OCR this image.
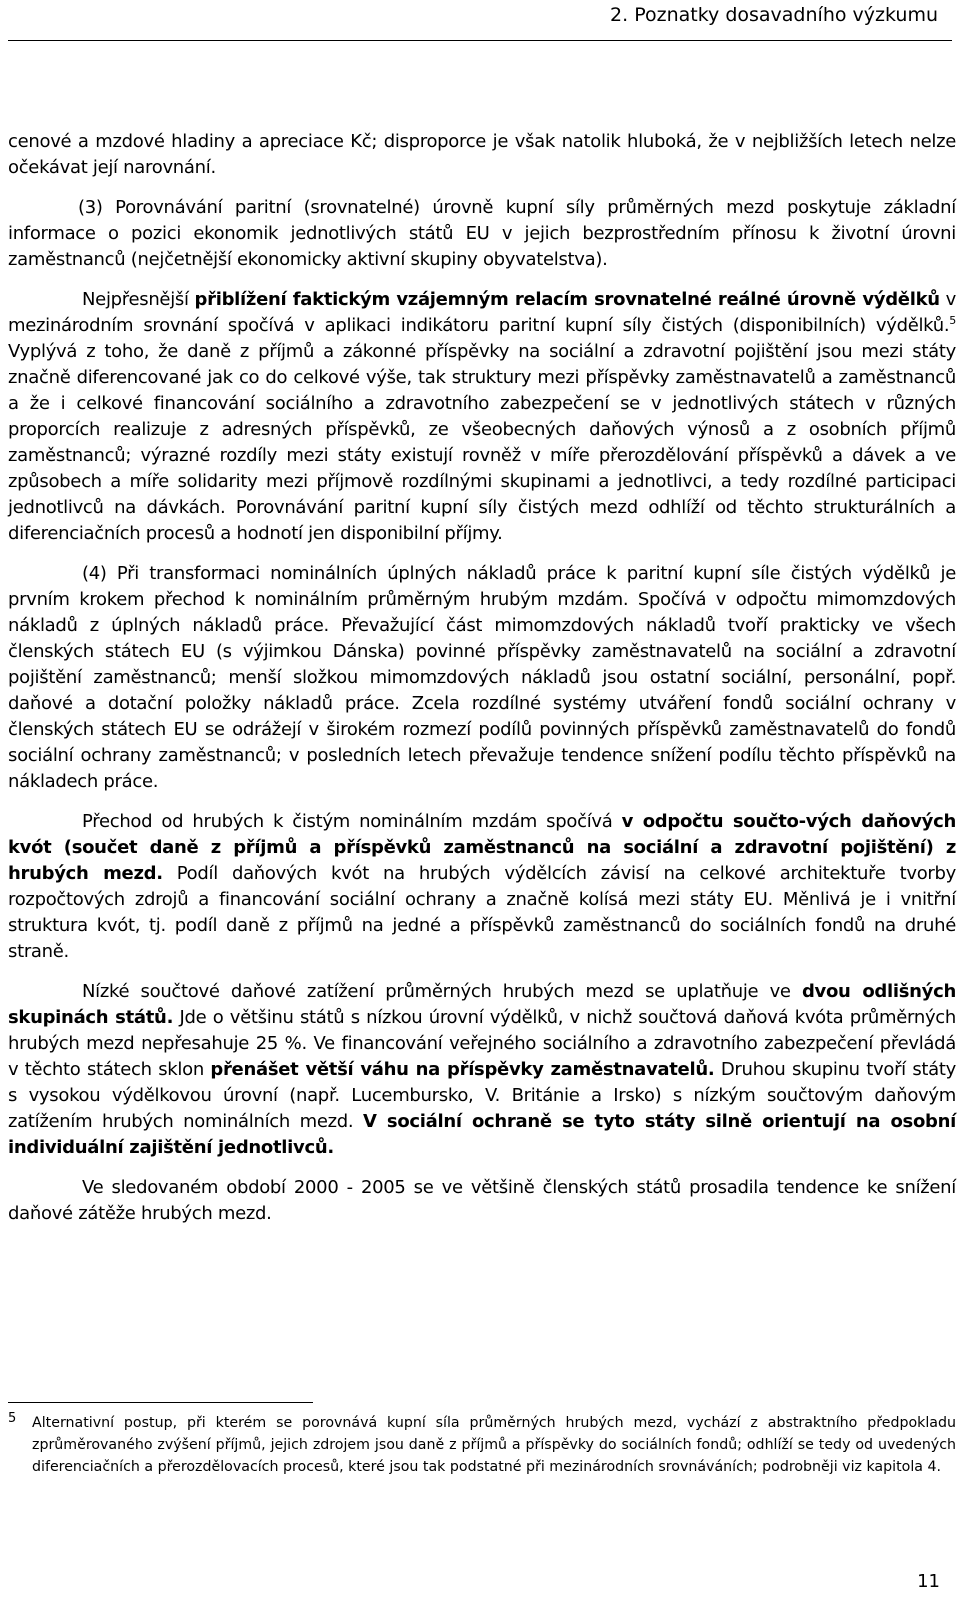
2. Poznatky dosavadního výzkumu

cenové a mzdové hladiny a apreciace Kč; disproporce je však natolik hluboká, že v nejbližších letech nelze očekávat její narovnání.

(3) Porovnávání paritní (srovnatelné) úrovně kupní síly průměrných mezd poskytuje základní informace o pozici ekonomik jednotlivých států EU v jejich bezprostředním přínosu k životní úrovni zaměstnanců (nejčetnější ekonomicky aktivní skupiny obyvatelstva).

Nejpřesnější přiblížení faktickým vzájemným relacím srovnatelné reálné úrovně výdělků v mezinárodním srovnání spočívá v aplikaci indikátoru paritní kupní síly čistých (disponibilních) výdělků.$^5$ Vyplývá z toho, že daně z příjmů a zákonné příspěvky na sociální a zdravotní pojištění jsou mezi státy značně diferencované jak co do celkové výše, tak struktury mezi příspěvky zaměstnavatelů a zaměstnanců a že i celkové financování sociálního a zdravotního zabezpečení se v jednotlivých státech v různých proporcích realizuje z adresných příspěvků, ze všeobecných daňových výnosů a z osobních příjmů zaměstnanců; výrazné rozdíly mezi státy existují rovněž v míře přerozdělování příspěvků a dávek a ve způsobech a míře solidarity mezi příjmově rozdílnými skupinami a jednotlivci, a tedy rozdílné participaci jednotlivců na dávkách. Porovnávání paritní kupní síly čistých mezd odhlíží od těchto strukturálních a diferenciačních procesů a hodnotí jen disponibilní příjmy.

(4) Při transformaci nominálních úplných nákladů práce k paritní kupní síle čistých výdělků je prvním krokem přechod k nominálním průměrným hrubým mzdám. Spočívá v odpočtu mimomzdových nákladů z úplných nákladů práce. Převažující část mimomzdových nákladů tvoří prakticky ve všech členských státech EU (s výjimkou Dánska) povinné příspěvky zaměstnavatelů na sociální a zdravotní pojištění zaměstnanců; menší složkou mimomzdových nákladů jsou ostatní sociální, personální, popř. daňové a dotační položky nákladů práce. Zcela rozdílné systémy utváření fondů sociální ochrany v členských státech EU se odrážejí v širokém rozmezí podílů povinných příspěvků zaměstnavatelů do fondů sociální ochrany zaměstnanců; v posledních letech převažuje tendence snížení podílu těchto příspěvků na nákladech práce.

Přechod od hrubých k čistým nominálním mzdám spočívá v odpočtu součto-vých daňových kvót (součet daně z příjmů a příspěvků zaměstnanců na sociální a zdravotní pojištění) z hrubých mezd. Podíl daňových kvót na hrubých výdělcích závisí na celkové architektuře tvorby rozpočtových zdrojů a financování sociální ochrany a značně kolísá mezi státy EU. Měnlivá je i vnitřní struktura kvót, tj. podíl daně z příjmů na jedné a příspěvků zaměstnanců do sociálních fondů na druhé straně.

Nízké součtové daňové zatížení průměrných hrubých mezd se uplatňuje ve dvou odlišných skupinách států. Jde o většinu států s nízkou úrovní výdělků, v nichž součtová daňová kvóta průměrných hrubých mezd nepřesahuje 25 %. Ve financování veřejného sociálního a zdravotního zabezpečení převládá v těchto státech sklon přenášet větší váhu na příspěvky zaměstnavatelů. Druhou skupinu tvoří státy s vysokou výdělkovou úrovní (např. Lucembursko, V. Británie a Irsko) s nízkým součtovým daňovým zatížením hrubých nominálních mezd. V sociální ochraně se tyto státy silně orientují na osobní individuální zajištění jednotlivců.

Ve sledovaném období 2000 - 2005 se ve většině členských států prosadila tendence ke snížení daňové zátěže hrubých mezd.

5 Alternativní postup, při kterém se porovnává kupní síla průměrných hrubých mezd, vychází z abstraktního předpokladu zprůměrovaného zvýšení příjmů, jejich zdrojem jsou daně z příjmů a příspěvky do sociálních fondů; odhlíží se tedy od uvedených diferenciačních a přerozdělovacích procesů, které jsou tak podstatné při mezinárodních srovnáváních; podrobněji viz kapitola 4.
11
